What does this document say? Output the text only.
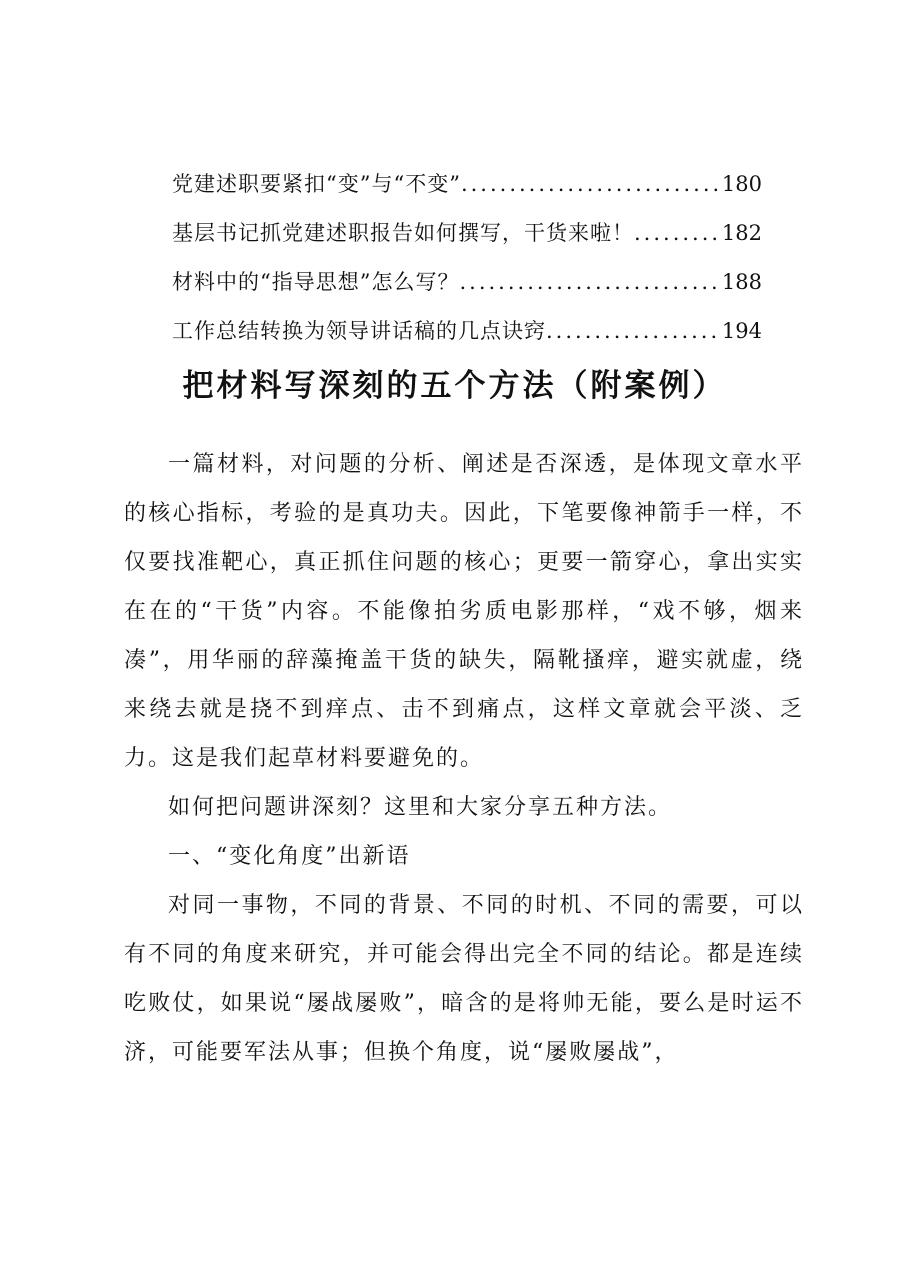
党建述职要紧扣“变”与“不变” .....	180
基层书记抓党建述职报告如何撰写，干货来啦！ .....	182
材料中的“指导思想”怎么写？ .....	188
工作总结转换为领导讲话稿的几点诀窍 .....	194
把材料写深刻的五个方法（附案例）

一篇材料，对问题的分析、阐述是否深透，是体现文章水平的核心指标，考验的是真功夫。因此，下笔要像神箭手一样，不仅要找准靶心，真正抓住问题的核心；更要一箭穿心，拿出实实在在的“干货”内容。不能像拍劣质电影那样，“戏不够，烟来凑”，用华丽的辞藻掩盖干货的缺失，隔靴搔痒，避实就虚，绕来绕去就是挠不到痒点、击不到痛点，这样文章就会平淡、乏力。这是我们起草材料要避免的。

如何把问题讲深刻？这里和大家分享五种方法。

一、“变化角度”出新语

对同一事物，不同的背景、不同的时机、不同的需要，可以有不同的角度来研究，并可能会得出完全不同的结论。都是连续吃败仗，如果说“屡战屡败”，暗含的是将帅无能，要么是时运不济，可能要军法从事；但换个角度，说“屡败屡战”，
